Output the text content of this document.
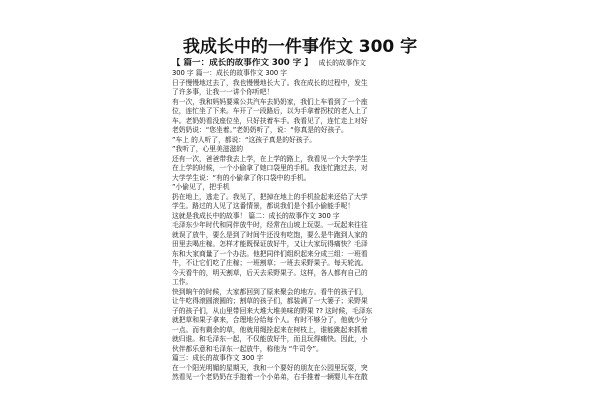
我成长中的一件事作文 300 字
【 篇一：成长的故事作文 300 字 】 成长的故事作文
300 字 篇一：成长的故事作文 300 字
日子慢慢地过去了，我也慢慢地长大了。我在成长的过程中，发生
了许多事，让我一一讲个你听吧！
有一次，我和妈妈要乘公共汽车去奶奶家，我们上车看到了一个座
位，连忙坐了下来。车开了一段路后，以为手拿着拐杖的老人上了
车。老奶奶看没座位坐，只好扶着车手。我看见了，连忙走上对好
老奶奶说：“您坐着。”老奶奶听了，说：“你真是的好孩子。
”车上 的人听了，都说：“这孩子真是的好孩子。
”我听了，心里美滋滋的
还有一次，爸爸带我去上学，在上学的路上，我看见一个大学学生
在上学的时候，一个小偷拿了她口袋里的手机。我连忙跑过去，对
大学学生说：“有的小偷拿了你口袋中的手机。
”小偷见了，把手机
扔在地上，逃走了。我见了，把掉在地上的手机捡起来还给了大学
学生。路过的人见了这番情景，都说我们是个抓小偷能手呢！
这就是我成长中的故事！ 篇二：成长的故事作文 300 字
毛泽东少年时代和同伴放牛时，经常在山坡上玩耍。一玩起来往往
就误了放牛，要么是到了时间牛还没有吃饱，要么是牛跑到人家的
田里去喝庄稼。怎样才能既保证放好牛，又让大家玩得痛快？毛泽
东和大家商量了一个办法。他把同伴们组织起来分成三组：一班看
牛，不让它们吃了庄稼；一班割草；一班去采野果子。每天轮流。
今天看牛的，明天割草，后天去采野果子。这样，各人都有自己的
工作。
快到晌午的时候，大家都回到了原来聚会的地方。看牛的孩子们，
让牛吃得滚圆滚圆的；割草的孩子们，都装满了一大篓子；采野果
子的孩子们，从山里带回来大堆大堆美味的野果 ?? 这时候，毛泽东
就把草和果子拿来，合理地分给每个人。有时不够分了，他就少分
一点。而有剩余的草，他就用绳拴起来在树枝上，谁能跳起来抓着
就归谁。和毛泽东一起，不仅能放好牛，而且玩得痛快。因此，小
伙伴都乐意和毛泽东一起放牛，称他为 “牛司令”。
篇三：成长的故事作文 300 字
在一个阳光明媚的星期天，我和一个要好的朋友在公园里玩耍，突
然看见一个老奶奶在手抱着一个小弟弟，右手推着一辆婴儿车在散
